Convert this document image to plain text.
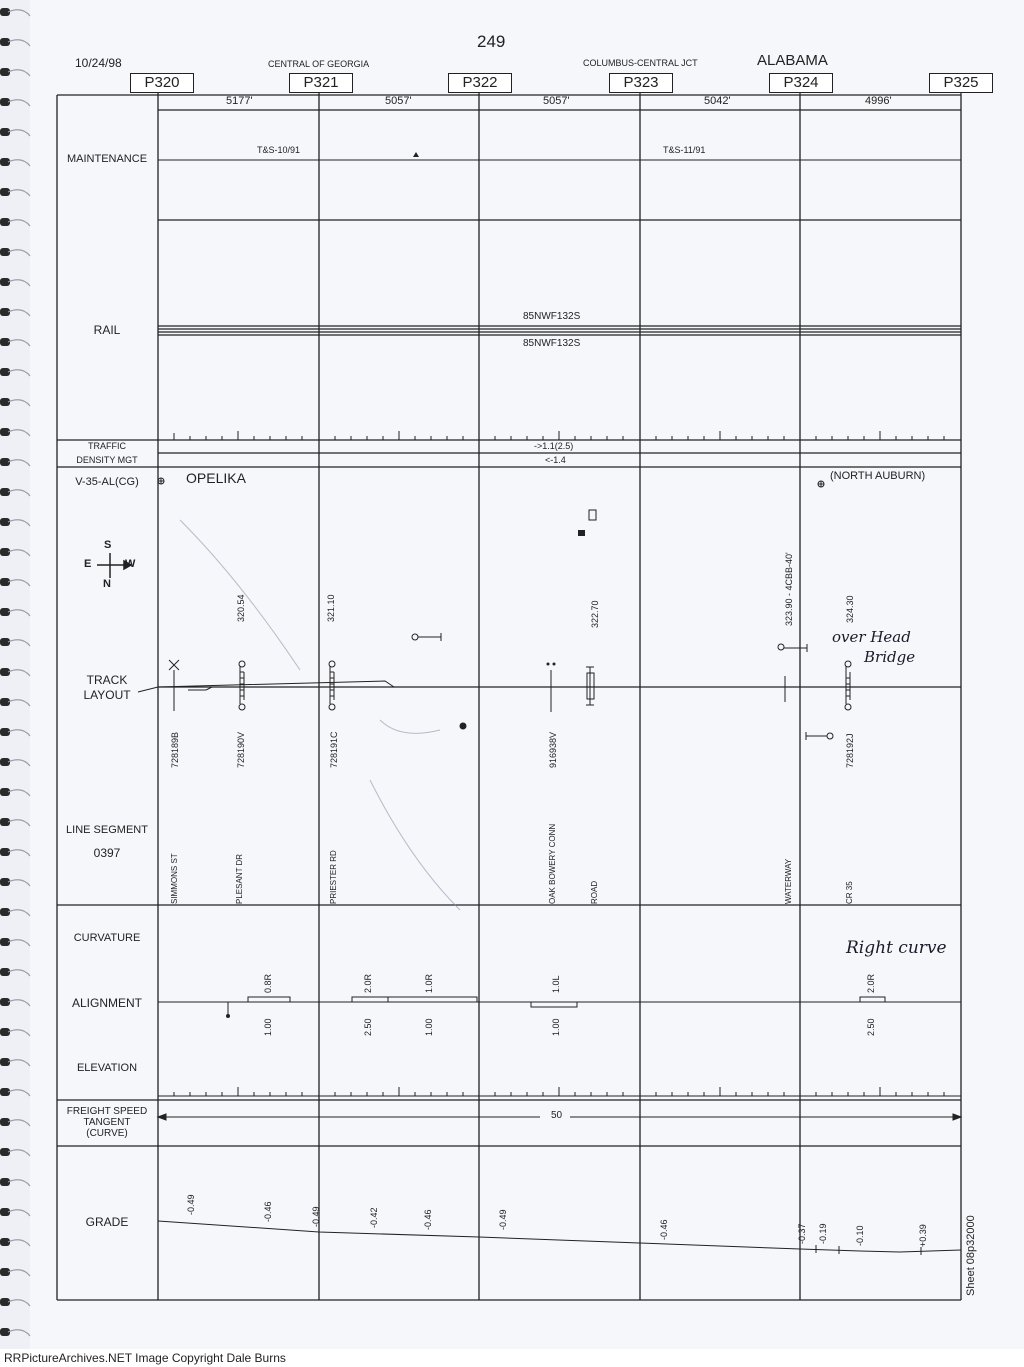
10/24/98
249
CENTRAL OF GEORGIA	COLUMBUS-CENTRAL JCT	ALABAMA
P320	P321	P322	P323	P324	P325
5177'	5057'	5057'	5042'	4996'
MAINTENANCE
RAIL
TRAFFIC
DENSITY MGT
V-35-AL(CG)
TRACK
LAYOUT
LINE SEGMENT
0397
CURVATURE
ALIGNMENT
ELEVATION
FREIGHT SPEED
TANGENT
(CURVE)
GRADE
T&S-10/91	T&S-11/91
85NWF132S
85NWF132S
->1.1(2.5)
<-1.4
OPELIKA	(NORTH AUBURN)
S
E	W
N
320.54	321.10	322.70	323.90 - 4CBB-40'	324.30
728189B	728190V	728191C	916938V	728192J
SIMMONS ST	PLESANT DR	PRIESTER RD	OAK BOWERY CONN	ROAD	WATERWAY	CR 35
0.8R	2.0R	1.0R	1.0L	2.0R
1.00	2.50	1.00	1.00	2.50
50
-0.49	-0.46	-0.49	-0.42	-0.46	-0.49	-0.46	-0.37 -0.19	-0.10	+0.39	Sheet 08p32000
over Head
Bridge
Right curve
RRPictureArchives.NET Image Copyright Dale Burns
